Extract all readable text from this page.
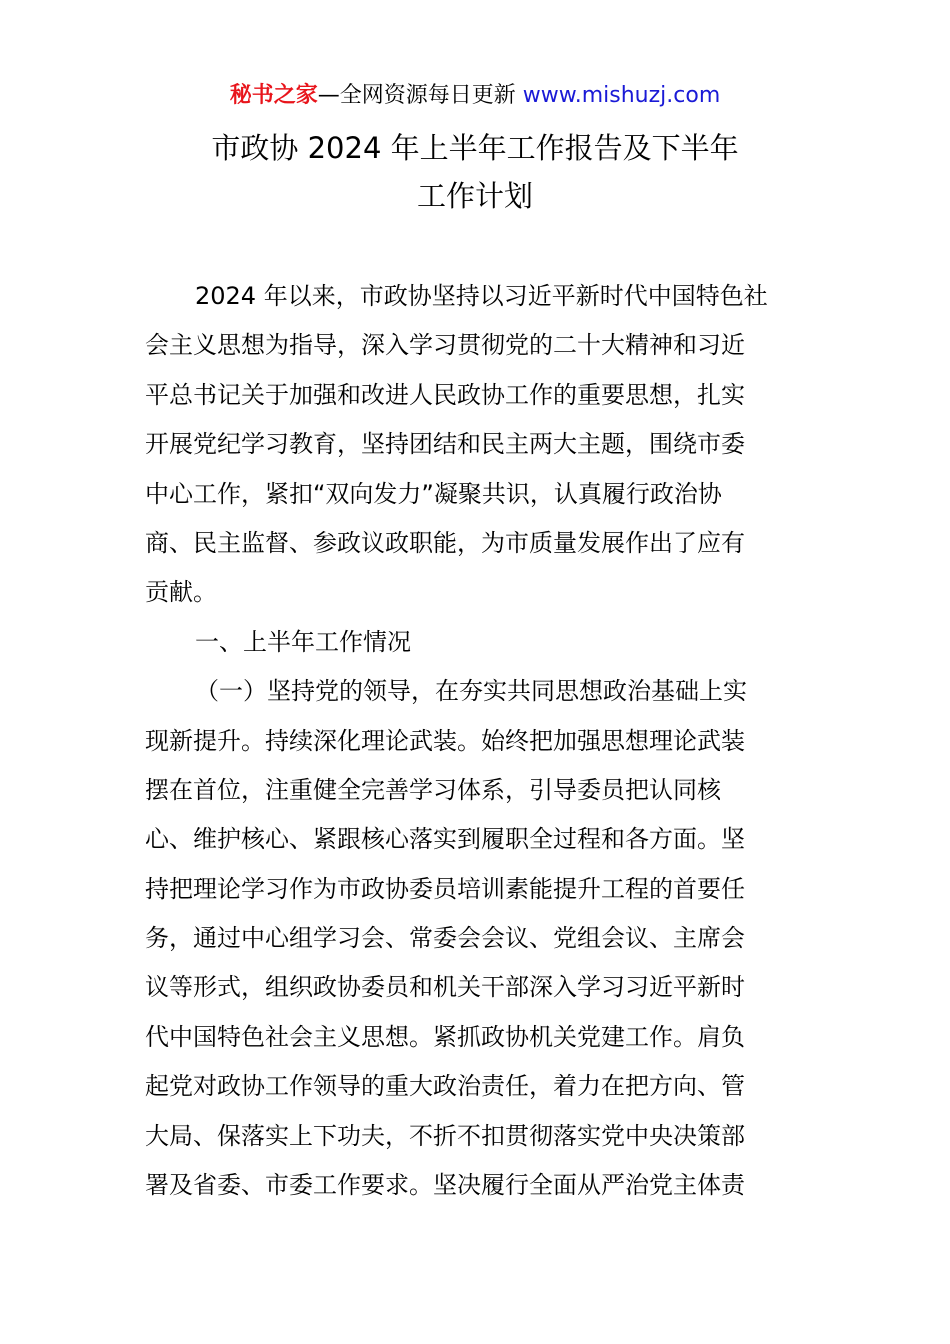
秘书之家—全网资源每日更新 www.mishuzj.com
市政协 2024 年上半年工作报告及下半年
工作计划
2024 年以来，市政协坚持以习近平新时代中国特色社
会主义思想为指导，深入学习贯彻党的二十大精神和习近
平总书记关于加强和改进人民政协工作的重要思想，扎实
开展党纪学习教育，坚持团结和民主两大主题，围绕市委
中心工作，紧扣“双向发力”凝聚共识，认真履行政治协
商、民主监督、参政议政职能，为市质量发展作出了应有
贡献。
一、上半年工作情况
（一）坚持党的领导，在夯实共同思想政治基础上实
现新提升。持续深化理论武装。始终把加强思想理论武装
摆在首位，注重健全完善学习体系，引导委员把认同核
心、维护核心、紧跟核心落实到履职全过程和各方面。坚
持把理论学习作为市政协委员培训素能提升工程的首要任
务，通过中心组学习会、常委会会议、党组会议、主席会
议等形式，组织政协委员和机关干部深入学习习近平新时
代中国特色社会主义思想。紧抓政协机关党建工作。肩负
起党对政协工作领导的重大政治责任，着力在把方向、管
大局、保落实上下功夫，不折不扣贯彻落实党中央决策部
署及省委、市委工作要求。坚决履行全面从严治党主体责
